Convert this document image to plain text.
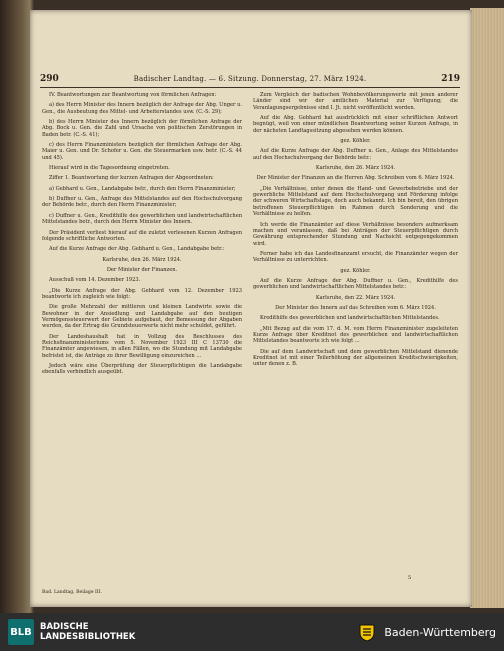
290	Badischer Landtag. — 6. Sitzung. Donnerstag, 27. März 1924.	219

IV. Beantwortungen zur Beantwortung von förmlichen Anfragen:

a) des Herrn Minister des Innern bezüglich der Anfrage der Abg. Unger u. Gen., die Ausbeutung des Mittel- und Arbeiterstandes usw. (C.-S. 29);

b) des Herrn Minister des Innern bezüglich der förmlichen Anfrage der Abg. Bock u. Gen. die Zahl und Ursache von politischen Zerstörungen in Baden betr. (C.-S. 41);

c) des Herrn Finanzministers bezüglich der förmlichen Anfrage der Abg. Maier u. Gen. und Dr. Schofer u. Gen. die Steuermarken usw. betr. (C.-S. 44 und 45).

Hierauf wird in die Tagesordnung eingetreten.

Ziffer 1. Beantwortung der kurzen Anfragen der Abgeordneten:

a) Gebhard u. Gen., Landabgabe betr., durch den Herrn Finanzminister;

b) Duffner u. Gen., Anfrage des Mittelstandes auf den Hochschulvorgang der Behörde betr., durch den Herrn Finanzminister;

c) Duffner u. Gen., Kredithilfe des gewerblichen und landwirtschaftlichen Mittelstandes betr., durch den Herrn Minister des Innern.

Der Präsident verliest hierauf auf die zuletzt verlesenen Kurzen Anfragen folgende schriftliche Antworten.

Auf die Kurze Anfrage der Abg. Gebhard u. Gen., Landabgabe betr.:

Karlsruhe, den 26. März 1924.

Der Minister der Finanzen.

Ausschuß vom 14. Dezember 1923.

„Die Kurze Anfrage der Abg. Gebhard vom 12. Dezember 1923 beantworte ich zugleich wie folgt:

Die große Mehrzahl der mittleren und kleinen Landwirte sowie die Bewohner in der Ansiedlung und Landabgabe auf den heutigen Vermögenssteuerwert der Gebiete aufgebaut, der Bemessung der Abgaben werden, da der Ertrag die Grundsteuerwerte nicht mehr schuldet, geführt.

Der Landeshaushalt hat in Vollzug des Beschlusses des Reichsfinanzministeriums vom 5. November 1923 III C 13730 die Finanzämter angewiesen, in allen Fällen, wo die Stundung mit Landabgabe befristet ist, die Anträge zu ihrer Bewilligung einzureichen ...

Jedoch wäre eine Überprüfung der Steuerpflichtigen die Landabgabe ebenfalls verbindlich ausgeübt.

Zum Vergleich der badischen Wohnbevölkerungswerte mit jenen anderer Länder sind wir der amtlichen Material zur Verfügung; die Veranlagungsergebnisse sind I. Jt. nicht veröffentlicht worden.

Auf die Abg. Gebhard hat ausdrücklich mit einer schriftlichen Antwort begnügt, weil von einer mündlichen Beantwortung seiner Kurzen Anfrage, in der nächsten Landtagssitzung abgesehen werden können.

gez. Köhler.

Auf die Kurze Anfrage der Abg. Duffner u. Gen., Anlage des Mittelstandes auf den Hochschulvorgang der Behörde betr.:

Karlsruhe, den 26. März 1924.

Der Minister der Finanzen an die Herren Abg. Schreiben vom 6. März 1924.

„Die Verhältnisse, unter denen die Hand- und Gewerbebetriebe und der gewerbliche Mittelstand auf dem Hochschulvorgang und Förderung infolge der schweren Wirtschaftslage, doch auch bekannt. Ich bin bereit, den übrigen betroffenen Steuerpflichtigen im Rahmen durch Sonderung und die Verhältnisse zu helfen.

Ich werde die Finanzämter auf diese Verhältnisse besonders aufmerksam machen und veranlassen, daß bei Anträgen der Steuerpflichtigen durch Gewährung entsprechender Stundung und Nachsicht entgegengekommen wird.

Ferner habe ich das Landesfinanzamt ersucht, die Finanzämter wegen der Verhältnisse zu unterrichten.

gez. Köhler.

Auf die Kurze Anfrage der Abg. Duffner u. Gen., Kredithilfe des gewerblichen und landwirtschaftlichen Mittelstandes betr.:

Karlsruhe, den 22. März 1924.

Der Minister des Innern auf das Schreiben vom 6. März 1924.

Kredithilfe des gewerblichen und landwirtschaftlichen Mittelstandes.

„Mit Bezug auf die vom 17. d. M. vom Herrn Finanzminister zugeleiteten Kurze Anfrage über Kreditnot des gewerblichen und landwirtschaftlichen Mittelstandes beantworte ich wie folgt ...

Die auf dem Landwirtschaft und dem gewerblichen Mittelstand dienende Kreditnot ist mit einer Teilerhöhung der allgemeinen Kreditschwierigkeiten, unter denen z. B.

5
Bad. Landtag. Beilage III.
BLB BADISCHE
LANDESBIBLIOTHEK	Baden-Württemberg
